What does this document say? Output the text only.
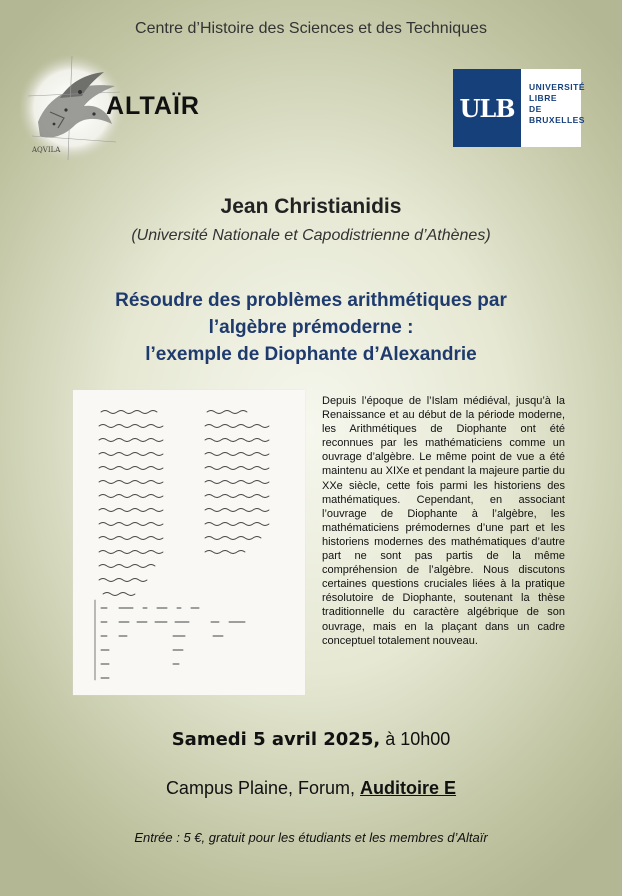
Centre d’Histoire des Sciences et des Techniques
AQVILA
ALTAÏR	ULB
UNIVERSITÉ
LIBRE
DE BRUXELLES
Jean Christianidis
(Université Nationale et Capodistrienne d’Athènes)
Résoudre des problèmes arithmétiques par
l’algèbre prémoderne :
l’exemple de Diophante d’Alexandrie
Depuis l’époque de l’Islam médiéval, jusqu’à la Renaissance et au début de la période moderne, les Arithmétiques de Diophante ont été reconnues par les mathématiciens comme un ouvrage d’algèbre. Le même point de vue a été maintenu au XIXe et pendant la majeure partie du XXe siècle, cette fois parmi les historiens des mathématiques. Cependant, en associant l’ouvrage de Diophante à l’algèbre, les mathématiciens prémodernes d’une part et les historiens modernes des mathématiques d’autre part ne sont pas partis de la même compréhension de l’algèbre. Nous discutons certaines questions cruciales liées à la pratique résolutoire de Diophante, soutenant la thèse traditionnelle du caractère algébrique de son ouvrage, mais en la plaçant dans un cadre conceptuel totalement nouveau.
Samedi 5 avril 2025, à 10h00
Campus Plaine, Forum, Auditoire E
Entrée : 5 €, gratuit pour les étudiants et les membres d’Altaïr
